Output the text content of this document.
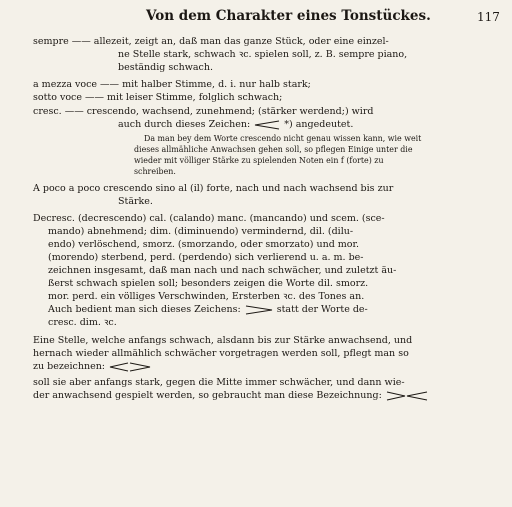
Von dem Charakter eines Tonstückes.	117
sempre —— allezeit, zeigt an, daß man das ganze Stück, oder eine einzel-
ne Stelle stark, schwach ꝛc. spielen soll, z. B. sempre piano,
beständig schwach.
a mezza voce —— mit halber Stimme, d. i. nur halb stark;
sotto voce —— mit leiser Stimme, folglich schwach;
cresc. —— crescendo, wachsend, zunehmend; (stärker werdend;) wird
auch durch dieses Zeichen:	*) angedeutet.
Da man bey dem Worte crescendo nicht genau wissen kann, wie weit
dieses allmähliche Anwachsen gehen soll, so pflegen Einige unter die
wieder mit völliger Stärke zu spielenden Noten ein f (forte) zu
schreiben.
A poco a poco crescendo sino al (il) forte, nach und nach wachsend bis zur
Stärke.
Decresc. (decrescendo) cal. (calando) manc. (mancando) und scem. (sce-
mando) abnehmend; dim. (diminuendo) vermindernd, dil. (dilu-
endo) verlöschend, smorz. (smorzando, oder smorzato) und mor.
(morendo) sterbend, perd. (perdendo) sich verlierend u. a. m. be-
zeichnen insgesamt, daß man nach und nach schwächer, und zuletzt äu-
ßerst schwach spielen soll; besonders zeigen die Worte dil. smorz.
mor. perd. ein völliges Verschwinden, Ersterben ꝛc. des Tones an.
Auch bedient man sich dieses Zeichens:	statt der Worte de-
cresc. dim. ꝛc.
Eine Stelle, welche anfangs schwach, alsdann bis zur Stärke anwachsend, und
hernach wieder allmählich schwächer vorgetragen werden soll, pflegt man so
zu bezeichnen:
soll sie aber anfangs stark, gegen die Mitte immer schwächer, und dann wie-
der anwachsend gespielt werden, so gebraucht man diese Bezeichnung:
